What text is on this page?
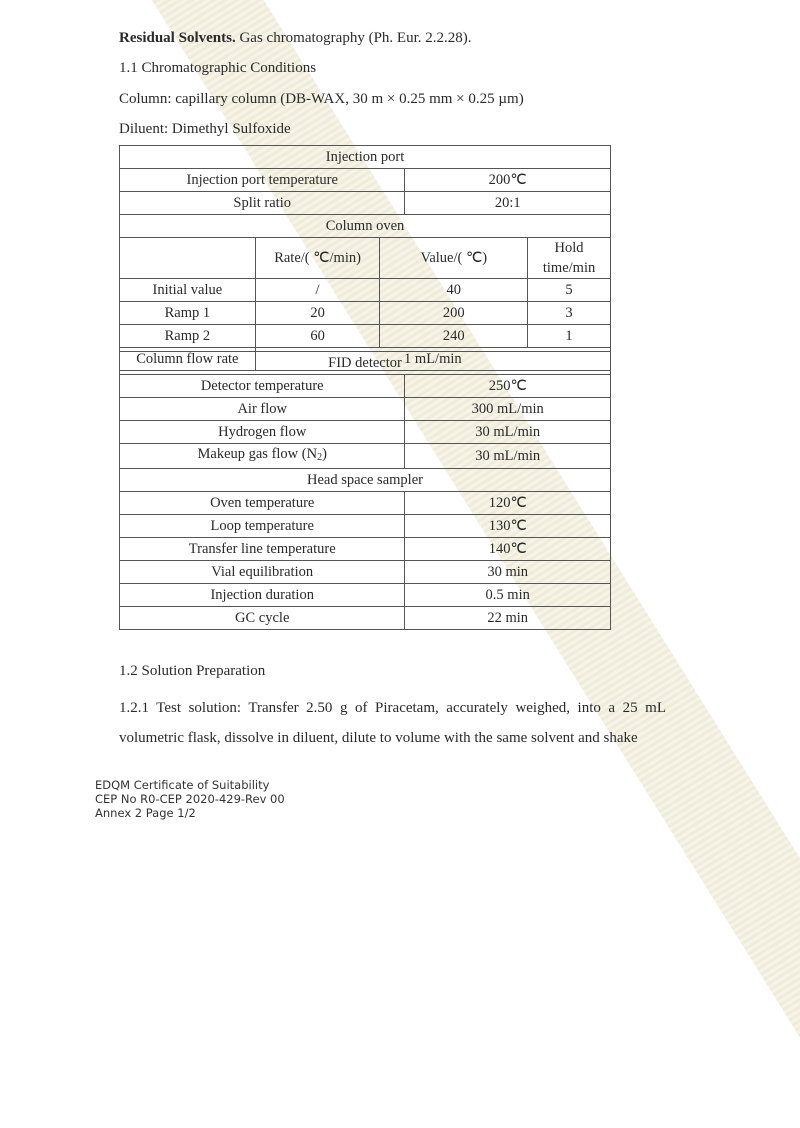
Residual Solvents. Gas chromatography (Ph. Eur. 2.2.28).
1.1 Chromatographic Conditions
Column: capillary column (DB-WAX, 30 m × 0.25 mm × 0.25 µm)
Diluent: Dimethyl Sulfoxide
Injection port	
Injection port temperature	200℃
Split ratio	20:1
Column oven	
	Rate/( ℃/min)	Value/( ℃)	Hold time/min
Initial value	/	40	5
Ramp 1	20	200	3
Ramp 2	60	240	1
Column flow rate	1 mL/min		
FID detector	
Detector temperature	250℃
Air flow	300 mL/min
Hydrogen flow	30 mL/min
Makeup gas flow $(N_2)$	30 mL/min
Head space sampler	
Oven temperature	120℃
Loop temperature	130℃
Transfer line temperature	140℃
Vial equilibration	30 min
Injection duration	0.5 min
GC cycle	22 min
1.2 Solution Preparation
1.2.1 Test solution: Transfer 2.50 g of Piracetam, accurately weighed, into a 25 mL volumetric flask, dissolve in diluent, dilute to volume with the same solvent and shake
EDQM Certificate of Suitability
CEP No R0-CEP 2020-429-Rev 00
Annex 2 Page 1/2
